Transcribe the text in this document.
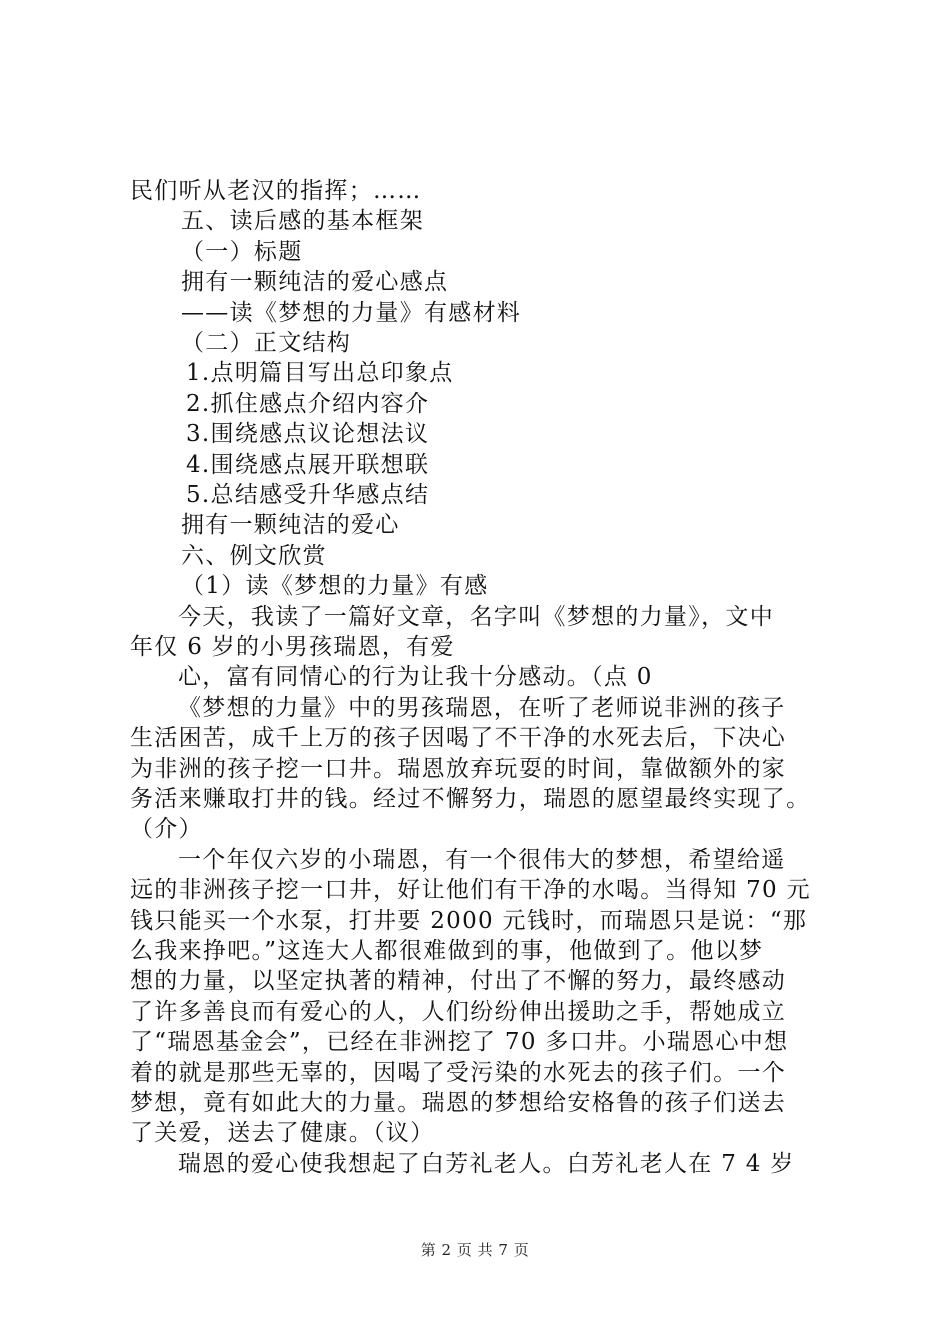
民们听从老汉的指挥；……
五、读后感的基本框架
（一）标题
拥有一颗纯洁的爱心感点
——读《梦想的力量》有感材料
（二）正文结构
1.点明篇目写出总印象点
2.抓住感点介绍内容介
3.围绕感点议论想法议
4.围绕感点展开联想联
5.总结感受升华感点结
拥有一颗纯洁的爱心
六、例文欣赏
（1）读《梦想的力量》有感
今天，我读了一篇好文章，名字叫《梦想的力量》，文中
年仅 6 岁的小男孩瑞恩，有爱
心，富有同情心的行为让我十分感动。（点 0
《梦想的力量》中的男孩瑞恩，在听了老师说非洲的孩子
生活困苦，成千上万的孩子因喝了不干净的水死去后，下决心
为非洲的孩子挖一口井。瑞恩放弃玩耍的时间，靠做额外的家
务活来赚取打井的钱。经过不懈努力，瑞恩的愿望最终实现了。
（介）
一个年仅六岁的小瑞恩，有一个很伟大的梦想，希望给遥
远的非洲孩子挖一口井，好让他们有干净的水喝。当得知 70 元
钱只能买一个水泵，打井要 2000 元钱时，而瑞恩只是说：“那
么我来挣吧。”这连大人都很难做到的事，他做到了。他以梦
想的力量，以坚定执著的精神，付出了不懈的努力，最终感动
了许多善良而有爱心的人，人们纷纷伸出援助之手，帮她成立
了“瑞恩基金会”，已经在非洲挖了 70 多口井。小瑞恩心中想
着的就是那些无辜的，因喝了受污染的水死去的孩子们。一个
梦想，竟有如此大的力量。瑞恩的梦想给安格鲁的孩子们送去
了关爱，送去了健康。（议）
瑞恩的爱心使我想起了白芳礼老人。白芳礼老人在 7 4 岁
第 2 页 共 7 页
